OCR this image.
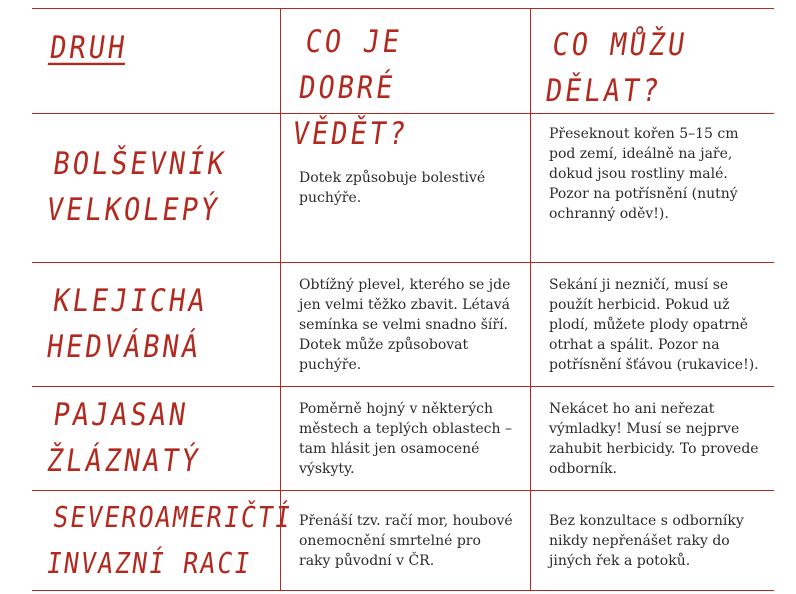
DRUH	CO JE DOBRÉ VĚDĚT?
CO MŮŽU DĚLAT?
BOLŠEVNÍK VELKOLEPÝ
Dotek způsobuje bolestivé puchýře.
Přeseknout kořen 5–15 cm pod zemí, ideálně na jaře, dokud jsou rostliny malé. Pozor na potřísnění (nutný ochranný oděv!).
KLEJICHA HEDVÁBNÁ
Obtížný plevel, kterého se jde jen velmi těžko zbavit. Létavá semínka se velmi snadno šíří. Dotek může způsobovat puchýře.
Sekání ji nezničí, musí se použít herbicid. Pokud už plodí, můžete plody opatrně otrhat a spálit. Pozor na potřísnění šťávou (rukavice!).
PAJASAN ŽLÁZNATÝ
Poměrně hojný v některých městech a teplých oblastech – tam hlásit jen osamocené výskyty.
Nekácet ho ani neřezat výmladky! Musí se nejprve zahubit herbicidy. To provede odborník.
SEVEROAMERIČTÍ INVAZNÍ RACI
Přenáší tzv. račí mor, houbové onemocnění smrtelné pro raky původní v ČR.
Bez konzultace s odborníky nikdy nepřenášet raky do jiných řek a potoků.
